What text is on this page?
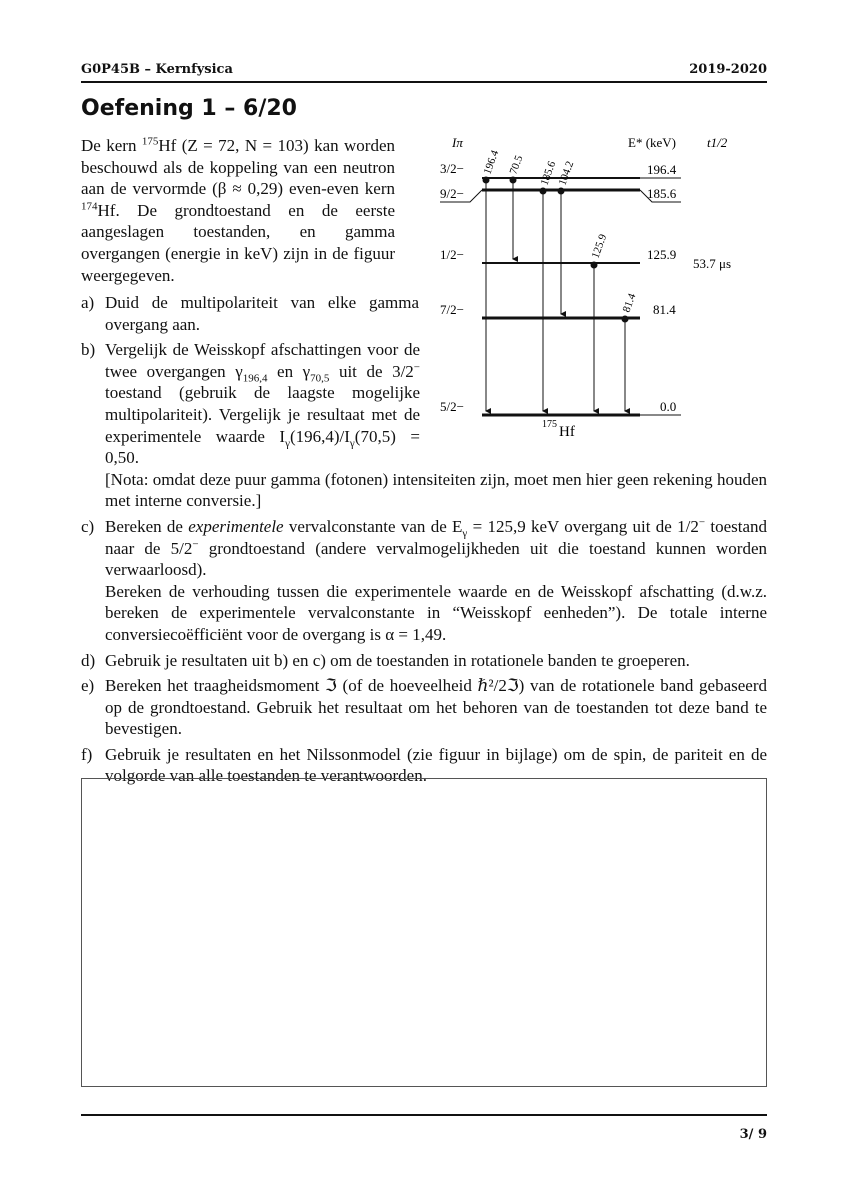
G0P45B – Kernfysica	2019-2020
Oefening 1 – 6/20
De kern $^{175}$Hf (Z = 72, N = 103) kan worden beschouwd als de koppeling van een neutron aan de vervormde (β ≈ 0,29) even-even kern $^{174}$Hf. De grondtoestand en de eerste aangeslagen toestanden, en gamma overgangen (energie in keV) zijn in de figuur weergegeven.
Iπ	E* (keV) t1/2
3/2−
9/2−
1/2−
7/2−
5/2−
196.4
185.6
125.9
81.4
0.0
53.7 μs
196.4 70.5 185.6
104.2
125.9
81.4
175 Hf
a) Duid de multipolariteit van elke gamma overgang aan.
b) Vergelijk de Weisskopf afschattingen voor de twee overgangen $\gamma_{196,4}$ en $\gamma_{70,5}$ uit de 3/2− toestand (gebruik de laagste mogelijke multipolariteit). Vergelijk je resultaat met de experimentele waarde $I_\gamma(196,4)/I_\gamma(70,5) = 0,50$.
[Nota: omdat deze puur gamma (fotonen) intensiteiten zijn, moet men hier geen rekening houden met interne conversie.]
c) Bereken de experimentele vervalconstante van de $E_\gamma = 125,9$ keV overgang uit de 1/2− toestand naar de 5/2− grondtoestand (andere vervalmogelijkheden uit die toestand kunnen worden verwaarloosd).
Bereken de verhouding tussen die experimentele waarde en de Weisskopf afschatting (d.w.z. bereken de experimentele vervalconstante in “Weisskopf eenheden”). De totale interne conversiecoëfficiënt voor de overgang is α = 1,49.
d) Gebruik je resultaten uit b) en c) om de toestanden in rotationele banden te groeperen.
e) Bereken het traagheidsmoment ℑ (of de hoeveelheid ℏ²/2ℑ) van de rotationele band gebaseerd op de grondtoestand. Gebruik het resultaat om het behoren van de toestanden tot deze band te bevestigen.
f) Gebruik je resultaten en het Nilssonmodel (zie figuur in bijlage) om de spin, de pariteit en de volgorde van alle toestanden te verantwoorden.
3/ 9
